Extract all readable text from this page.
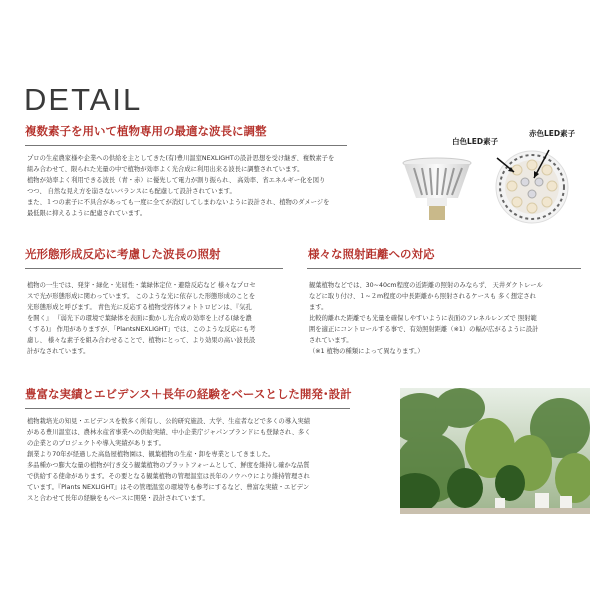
DETAIL
複数素子を用いて植物専用の最適な波長に調整

プロの生産農家様や企業への供給を主としてきた(有)豊川温室NEXLIGHTの設計思想を受け継ぎ、複数素子を

組み合わせて、限られた光量の中で植物が効率よく光合成に利用出来る波長に調整されています。

植物が効率よく利用できる波長（青・赤）に優先して電力が割り振られ、 高効率、省エネルギー化を図り

つつ、 自然な見え方を崩さないバランスにも配慮して設計されています。

また、１つの素子に不具合があっても一度に全てが消灯してしまわないように設計され、植物のダメージを

最低限に抑えるように配慮されています。

白色LED素子
赤色LED素子
光形態形成反応に考慮した波長の照射

植物の一生では、発芽・緑化・光屈性・葉緑体定位・避陰反応など 様々なプロセ

スで光が形態形成に関わっています。 このような光に依存した形態形成のことを

光形態形成と呼びます。 青色光に反応する植物受容体フォトトロピンは、『気孔

を開く』 『弱光下の環境で葉緑体を表面に動かし光合成の効率を上げる(緑を濃

くする)』 作用がありますが、「PlantsNEXLIGHT」では、このような反応にも考

慮し、 様々な素子を組み合わせることで、植物にとって、より効果の高い波長設

計がなされています。

様々な照射距離への対応

観葉植物などでは、30~40cm程度の近距離の照射のみならず、 天井ダクトレール

などに取り付け、１~２m程度の中長距離から照射されるケースも 多く想定され

ます。

比較的離れた距離でも光量を確保しやすいように表面のフレネルレンズで 照射範

囲を適正にコントロールする事で、有効照射距離（※1）の幅が広がるように設計

されています。

（※1 植物の種類によって異なります。）

豊富な実績とエビデンス＋長年の経験をベースとした開発･設計

植物栽培光の知見・エビデンスを数多く所有し、公的研究施設、大学、生産者などで多くの導入実績

がある豊川温室は、農林水産省事業への供給実績、中小企業庁ジャパンブランドにも登録され、多く

の企業とのプロジェクトや導入実績があります。

創業より70年が経過した高島屋植物園は、観葉植物の生産・卸を専業としてきました。

多品種かつ膨大な量の植物が行き交う観葉植物のプラットフォームとして、鮮度を維持し確かな品質

で供給する使命があります。その要となる観葉植物の管理温室は長年のノウハウにより維持管理され

ています。『Plants NEXLIGHT』はその管理温室の環境等も参考にするなど、豊富な実績・エビデン

スと合わせて長年の経験をもベースに開発・設計されています。
